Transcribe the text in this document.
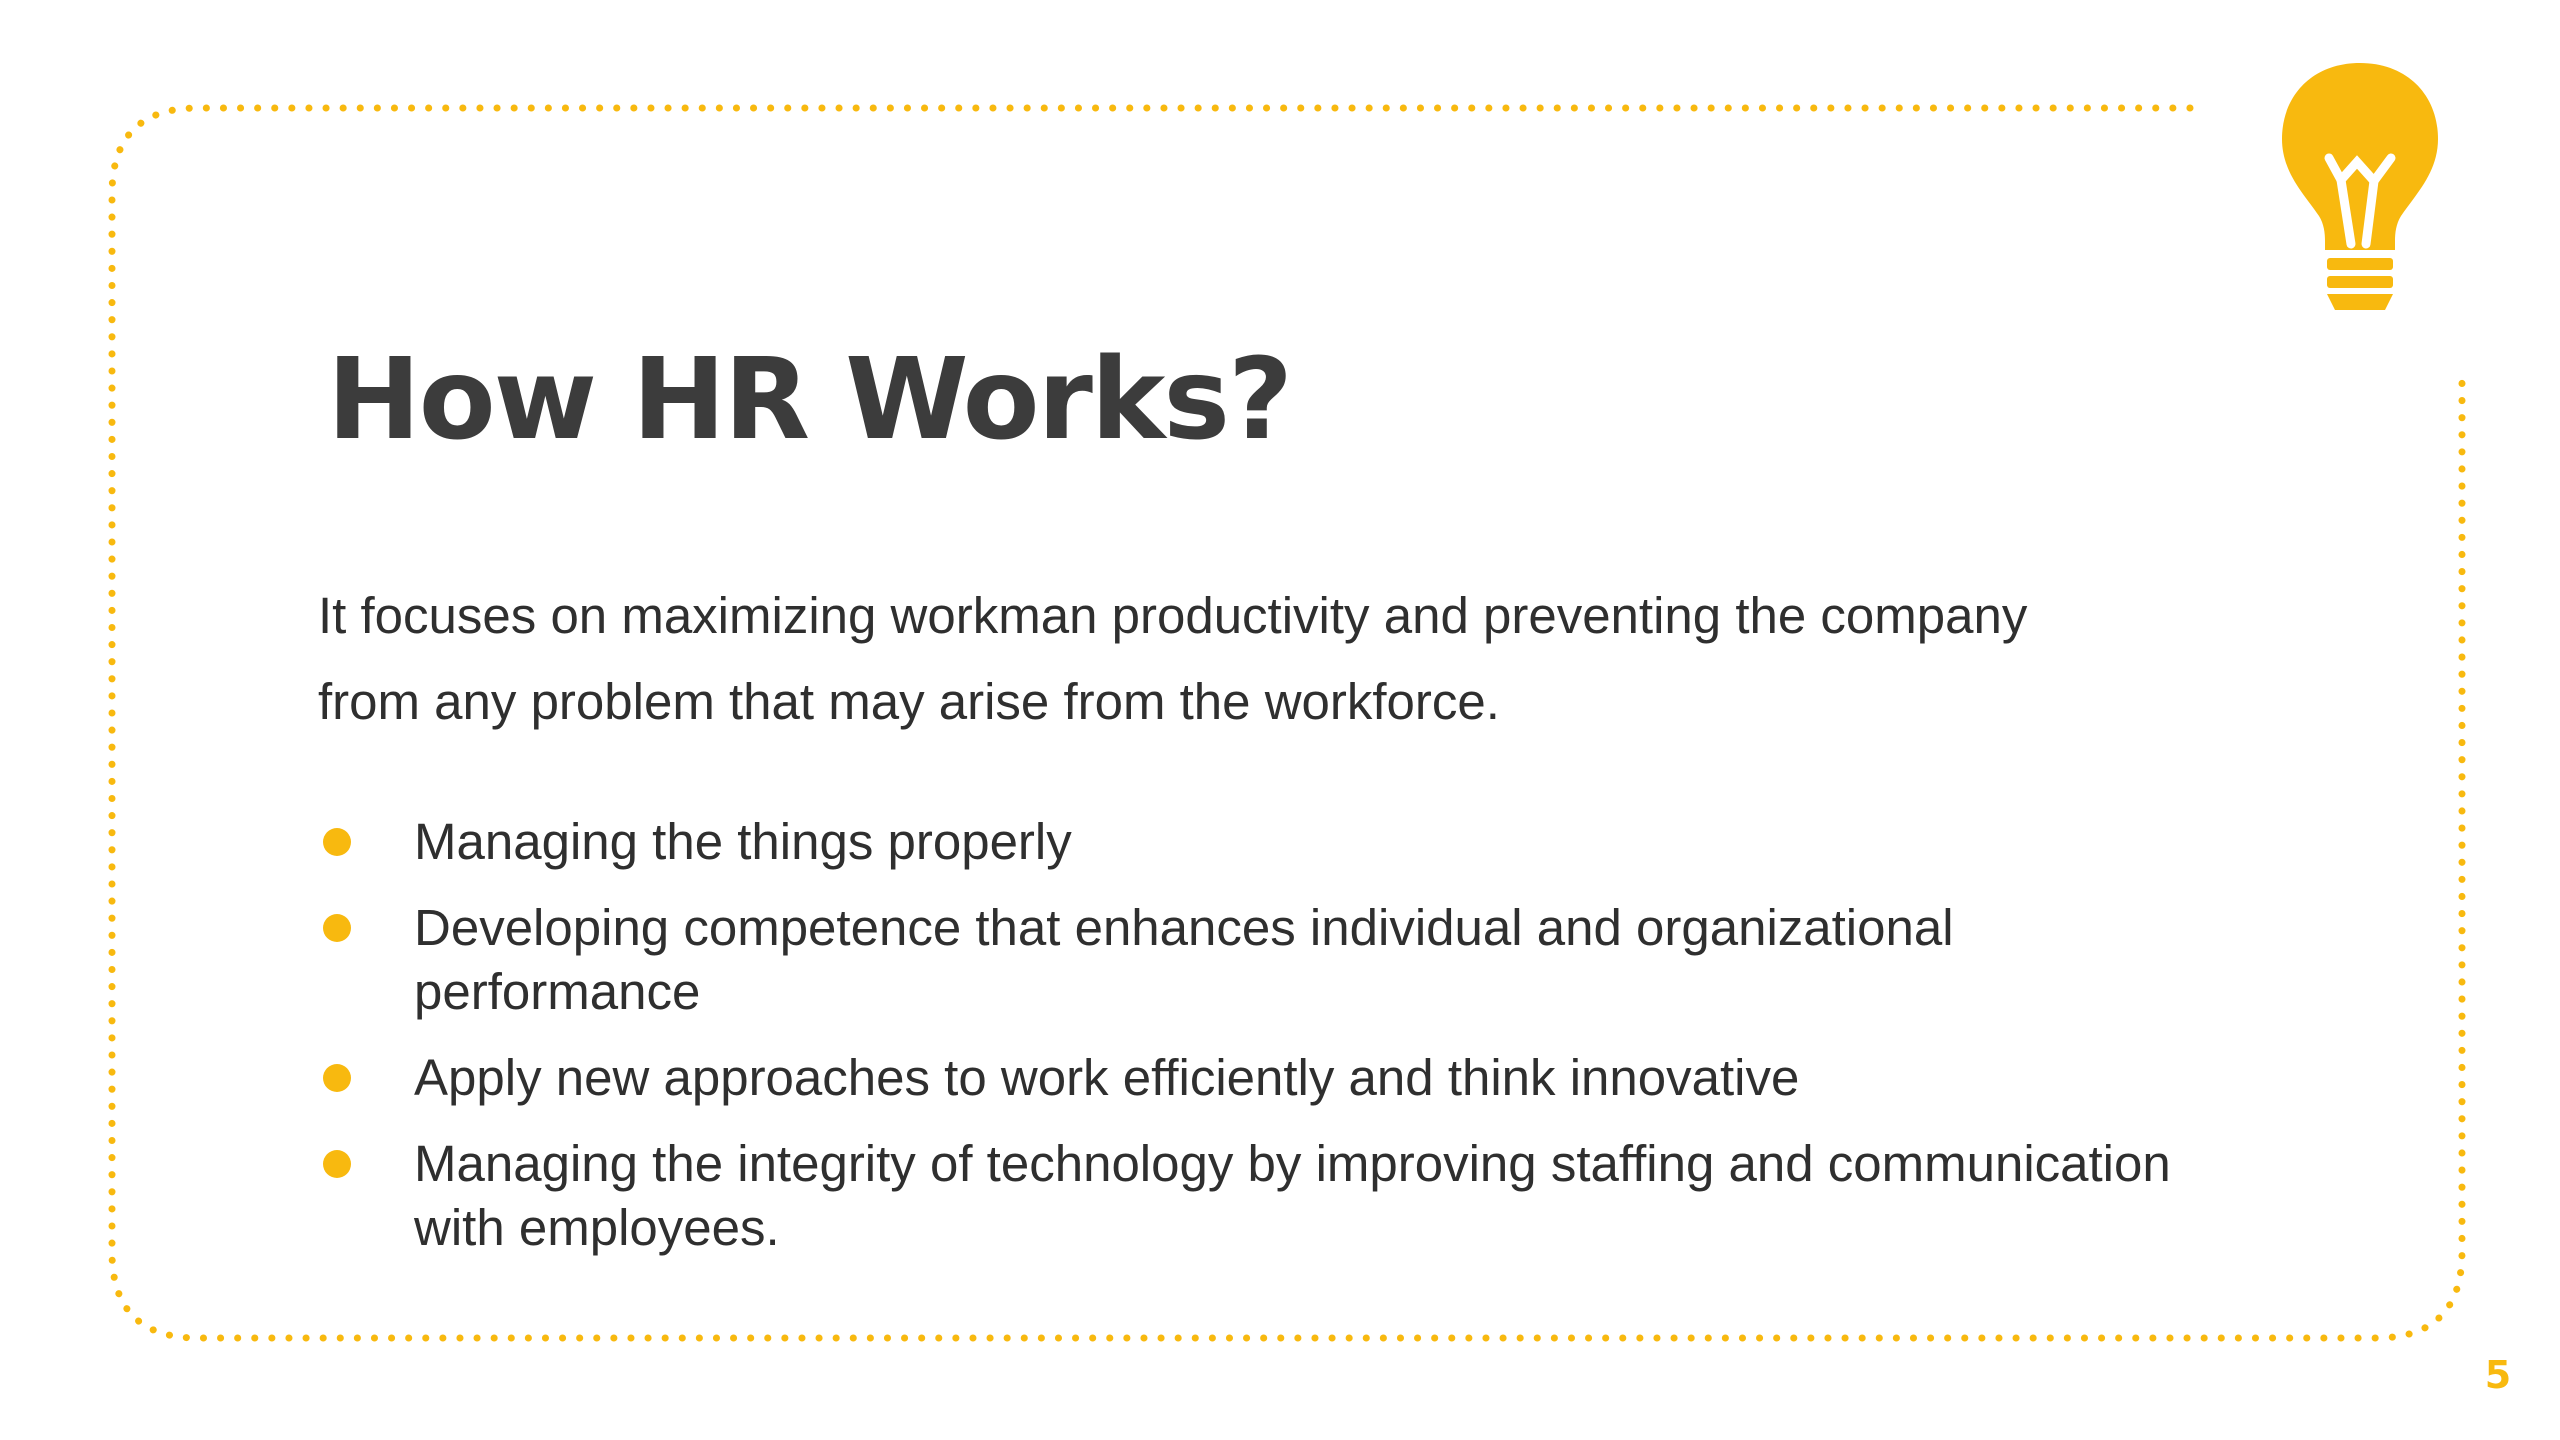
How HR Works?

It focuses on maximizing workman productivity and preventing the company from any problem that may arise from the workforce.

Managing the things properly
Developing competence that enhances individual and organizational performance
Apply new approaches to work efficiently and think innovative
Managing the integrity of technology by improving staffing and communication with employees.
5
